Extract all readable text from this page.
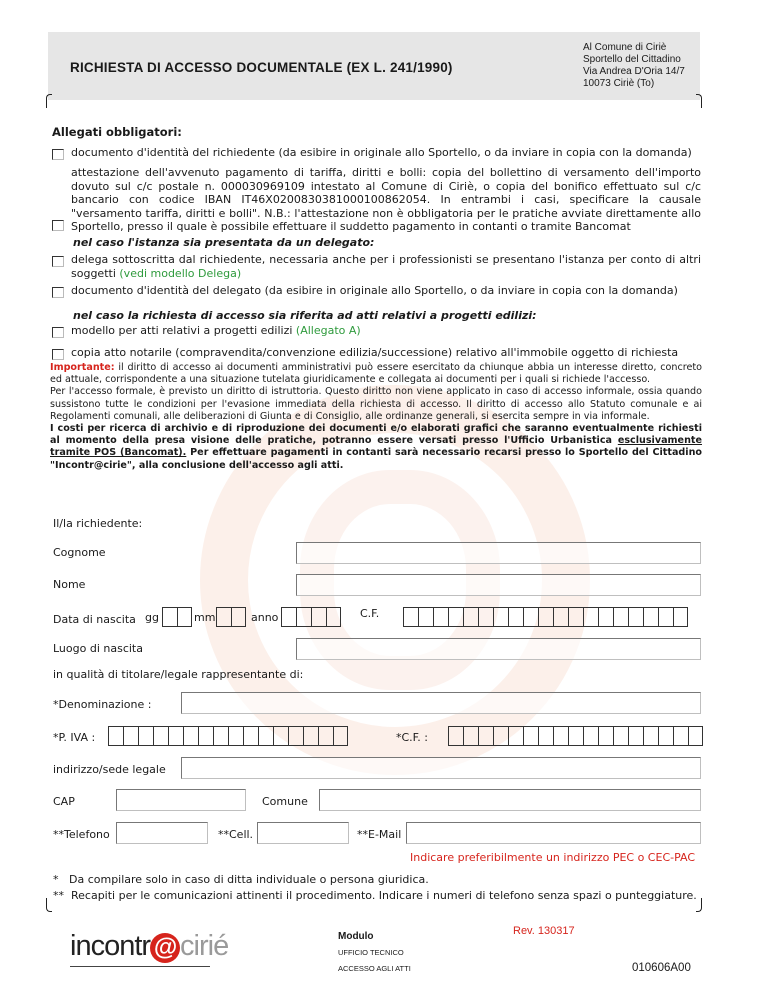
RICHIESTA DI ACCESSO DOCUMENTALE (EX L. 241/1990)
Al Comune di Ciriè
Sportello del Cittadino
Via Andrea D'Oria 14/7
10073 Ciriè (To)
Allegati obbligatori:
documento d'identità del richiedente (da esibire in originale allo Sportello, o da inviare in copia con la domanda)
attestazione dell'avvenuto pagamento di tariffa, diritti e bolli: copia del bollettino di versamento dell'importo dovuto sul c/c postale n. 000030969109 intestato al Comune di Ciriè, o copia del bonifico effettuato sul c/c bancario con codice IBAN IT46X0200830381000100862054. In entrambi i casi, specificare la causale "versamento tariffa, diritti e bolli". N.B.: l'attestazione non è obbligatoria per le pratiche avviate direttamente allo Sportello, presso il quale è possibile effettuare il suddetto pagamento in contanti o tramite Bancomat
nel caso l'istanza sia presentata da un delegato:
delega sottoscritta dal richiedente, necessaria anche per i professionisti se presentano l'istanza per conto di altri soggetti (vedi modello Delega)
documento d'identità del delegato (da esibire in originale allo Sportello, o da inviare in copia con la domanda)
nel caso la richiesta di accesso sia riferita ad atti relativi a progetti edilizi:
modello per atti relativi a progetti edilizi (Allegato A)
copia atto notarile (compravendita/convenzione edilizia/successione) relativo all'immobile oggetto di richiesta
Importante: il diritto di accesso ai documenti amministrativi può essere esercitato da chiunque abbia un interesse diretto, concreto ed attuale, corrispondente a una situazione tutelata giuridicamente e collegata ai documenti per i quali si richiede l'accesso.
Per l'accesso formale, è previsto un diritto di istruttoria. Questo diritto non viene applicato in caso di accesso informale, ossia quando sussistono tutte le condizioni per l'evasione immediata della richiesta di accesso. Il diritto di accesso allo Statuto comunale e ai Regolamenti comunali, alle deliberazioni di Giunta e di Consiglio, alle ordinanze generali, si esercita sempre in via informale.
I costi per ricerca di archivio e di riproduzione dei documenti e/o elaborati grafici che saranno eventualmente richiesti al momento della presa visione delle pratiche, potranno essere versati presso l'Ufficio Urbanistica esclusivamente tramite POS (Bancomat). Per effettuare pagamenti in contanti sarà necessario recarsi presso lo Sportello del Cittadino "Incontr@cirie", alla conclusione dell'accesso agli atti.
Il/la richiedente:
Cognome
Nome
Data di nascita gg	mm	anno	C.F.
Luogo di nascita
in qualità di titolare/legale rappresentante di:
*Denominazione :
*P. IVA :	*C.F. :
indirizzo/sede legale
CAP	Comune
**Telefono	**Cell.	**E-Mail
Indicare preferibilmente un indirizzo PEC o CEC-PAC
*   Da compilare solo in caso di ditta individuale o persona giuridica.
**  Recapiti per le comunicazioni attinenti il procedimento. Indicare i numeri di telefono senza spazi o punteggiature.
incontr @ cirié	Modulo
UFFICIO TECNICO
ACCESSO AGLI ATTI
Rev. 130317
010606A00
